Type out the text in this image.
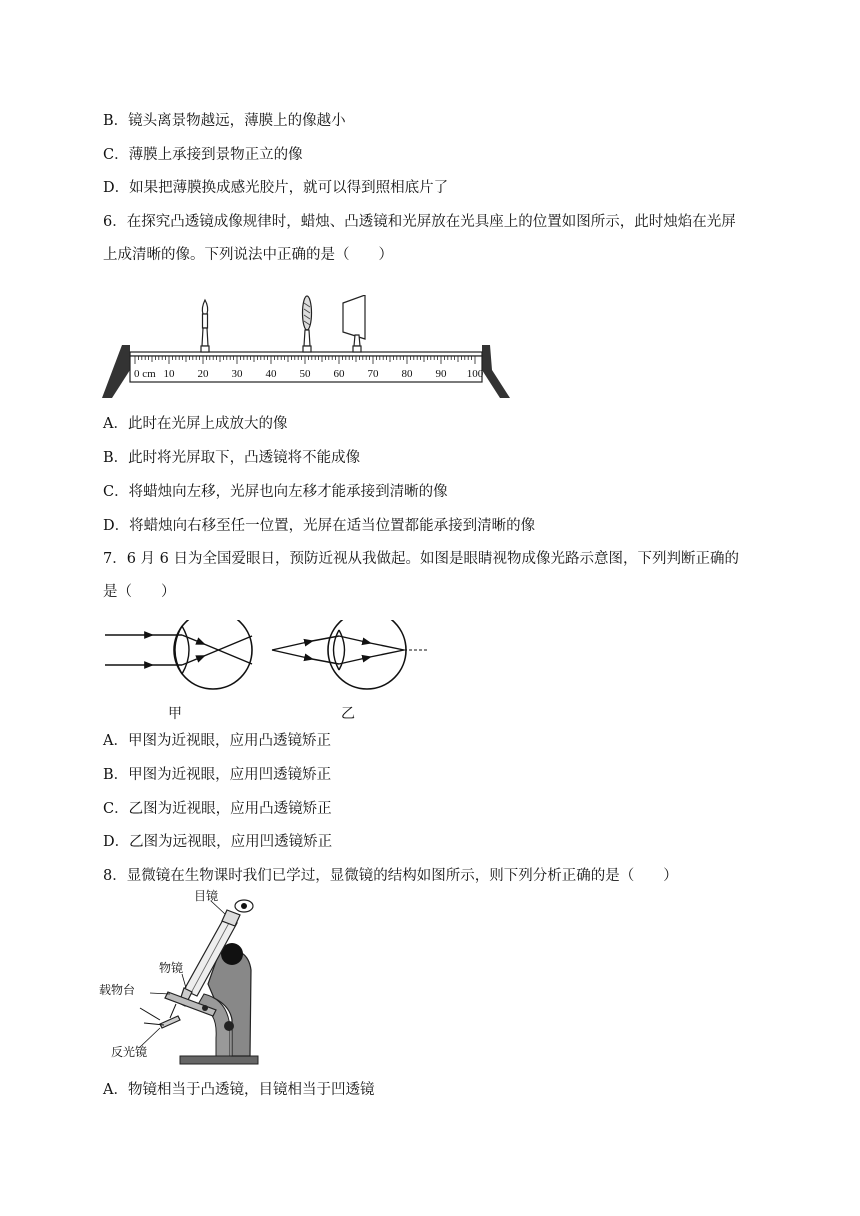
B．镜头离景物越远，薄膜上的像越小
C．薄膜上承接到景物正立的像
D．如果把薄膜换成感光胶片，就可以得到照相底片了
6．在探究凸透镜成像规律时，蜡烛、凸透镜和光屏放在光具座上的位置如图所示，此时烛焰在光屏
上成清晰的像。下列说法中正确的是（　　）
0 cm 10 20 30 40 50 60 70 80 90 100
A．此时在光屏上成放大的像
B．此时将光屏取下，凸透镜将不能成像
C．将蜡烛向左移，光屏也向左移才能承接到清晰的像
D．将蜡烛向右移至任一位置，光屏在适当位置都能承接到清晰的像
7．6 月 6 日为全国爱眼日，预防近视从我做起。如图是眼睛视物成像光路示意图，下列判断正确的
是（　　）
甲	乙
A．甲图为近视眼，应用凸透镜矫正
B．甲图为近视眼，应用凹透镜矫正
C．乙图为近视眼，应用凸透镜矫正
D．乙图为远视眼，应用凹透镜矫正
8．显微镜在生物课时我们已学过，显微镜的结构如图所示，则下列分析正确的是（　　）
目镜
物镜
载物台
反光镜
A．物镜相当于凸透镜，目镜相当于凹透镜
